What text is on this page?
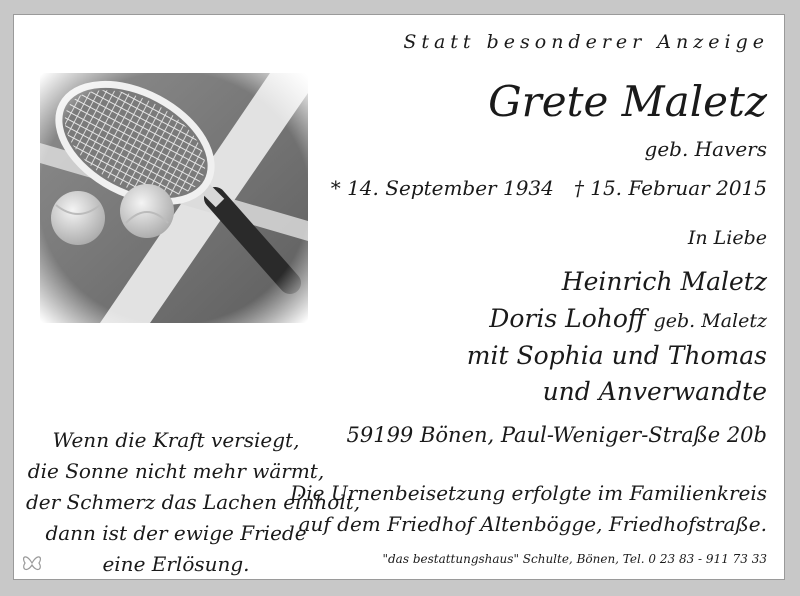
Statt besonderer Anzeige
Grete Maletz
geb. Havers
* 14. September 1934 † 15. Februar 2015
In Liebe
Heinrich Maletz
Doris Lohoff geb. Maletz
mit Sophia und Thomas
und Anverwandte
59199 Bönen, Paul-Weniger-Straße 20b
Wenn die Kraft versiegt,
die Sonne nicht mehr wärmt,
der Schmerz das Lachen einholt,
dann ist der ewige Friede
eine Erlösung.
Die Urnenbeisetzung erfolgte im Familienkreis
auf dem Friedhof Altenbögge, Friedhofstraße.
"das bestattungshaus" Schulte, Bönen, Tel. 0 23 83 - 911 73 33
